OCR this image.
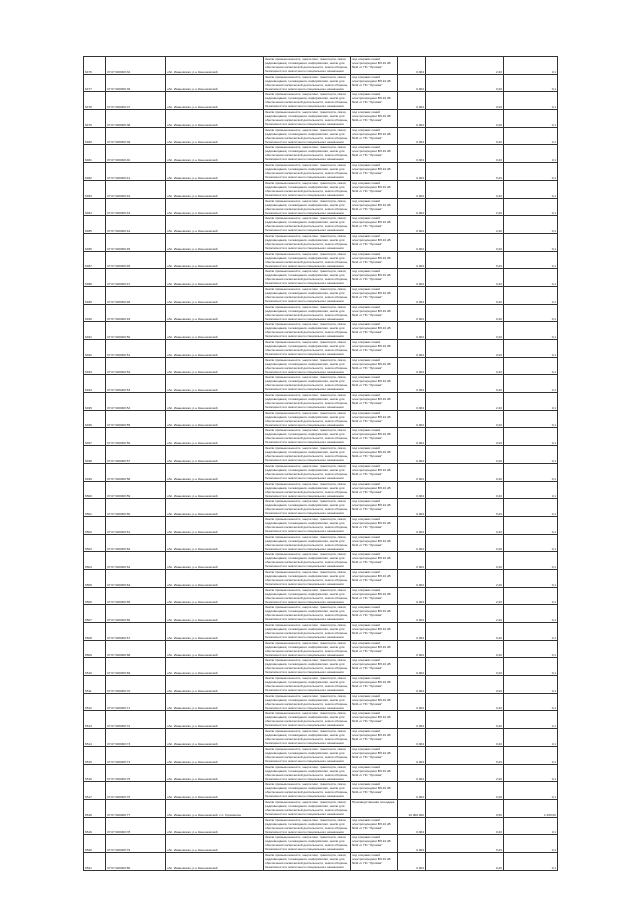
6476	37:07:000000:32	обл. Ивановская, р-н Кинешемский	Земли промышленности, энергетики, транспорта, связи, радиовещания, телевидения, информатики, земли для обеспечения космической деятельности, земли обороны, безопасности и земли иного специального назначения	под опорами линий электропередачи ВЛ-10 кВ №11 от ПС "Луговая"	0,004	2,20	0,1
6477	37:07:000000:36	обл. Ивановская, р-н Кинешемский	Земли промышленности, энергетики, транспорта, связи, радиовещания, телевидения, информатики, земли для обеспечения космической деятельности, земли обороны, безопасности и земли иного специального назначения	под опорами линий электропередачи ВЛ-10 кВ №11 от ПС "Луговая"	0,004	0,20	0,1
6478	37:07:000000:37	обл. Ивановская, р-н Кинешемский	Земли промышленности, энергетики, транспорта, связи, радиовещания, телевидения, информатики, земли для обеспечения космической деятельности, земли обороны, безопасности и земли иного специального назначения	под опорами линий электропередачи ВЛ-10 кВ №11 от ПС "Луговая"	0,004	0,20	0,1
6479	37:07:000000:38	обл. Ивановская, р-н Кинешемский	Земли промышленности, энергетики, транспорта, связи, радиовещания, телевидения, информатики, земли для обеспечения космической деятельности, земли обороны, безопасности и земли иного специального назначения	под опорами линий электропередачи ВЛ-10 кВ №11 от ПС "Луговая"	0,004	0,20	0,1
6480	37:07:000000:39	обл. Ивановская, р-н Кинешемский	Земли промышленности, энергетики, транспорта, связи, радиовещания, телевидения, информатики, земли для обеспечения космической деятельности, земли обороны, безопасности и земли иного специального назначения	под опорами линий электропередачи ВЛ-10 кВ №11 от ПС "Луговая"	0,004	0,20	0,1
6481	37:07:000000:40	обл. Ивановская, р-н Кинешемский	Земли промышленности, энергетики, транспорта, связи, радиовещания, телевидения, информатики, земли для обеспечения космической деятельности, земли обороны, безопасности и земли иного специального назначения	под опорами линий электропередачи ВЛ-10 кВ №11 от ПС "Луговая"	0,004	0,20	0,1
6482	37:07:000000:41	обл. Ивановская, р-н Кинешемский	Земли промышленности, энергетики, транспорта, связи, радиовещания, телевидения, информатики, земли для обеспечения космической деятельности, земли обороны, безопасности и земли иного специального назначения	под опорами линий электропередачи ВЛ-10 кВ №11 от ПС "Луговая"	0,004	0,20	0,1
6483	37:07:000000:42	обл. Ивановская, р-н Кинешемский	Земли промышленности, энергетики, транспорта, связи, радиовещания, телевидения, информатики, земли для обеспечения космической деятельности, земли обороны, безопасности и земли иного специального назначения	под опорами линий электропередачи ВЛ-10 кВ №11 от ПС "Луговая"	0,004	0,20	0,1
6484	37:07:000000:43	обл. Ивановская, р-н Кинешемский	Земли промышленности, энергетики, транспорта, связи, радиовещания, телевидения, информатики, земли для обеспечения космической деятельности, земли обороны, безопасности и земли иного специального назначения	под опорами линий электропередачи ВЛ-10 кВ №11 от ПС "Луговая"	0,004	2,20	0,1
6485	37:07:000000:44	обл. Ивановская, р-н Кинешемский	Земли промышленности, энергетики, транспорта, связи, радиовещания, телевидения, информатики, земли для обеспечения космической деятельности, земли обороны, безопасности и земли иного специального назначения	под опорами линий электропередачи ВЛ-10 кВ №11 от ПС "Луговая"	0,004	2,20	0,1
6486	37:07:000000:45	обл. Ивановская, р-н Кинешемский	Земли промышленности, энергетики, транспорта, связи, радиовещания, телевидения, информатики, земли для обеспечения космической деятельности, земли обороны, безопасности и земли иного специального назначения	под опорами линий электропередачи ВЛ-10 кВ №11 от ПС "Луговая"	0,004	0,20	0,1
6487	37:07:000000:46	обл. Ивановская, р-н Кинешемский	Земли промышленности, энергетики, транспорта, связи, радиовещания, телевидения, информатики, земли для обеспечения космической деятельности, земли обороны, безопасности и земли иного специального назначения	под опорами линий электропередачи ВЛ-10 кВ №11 от ПС "Луговая"	0,004	0,20	0,1
6488	37:07:000000:47	обл. Ивановская, р-н Кинешемский	Земли промышленности, энергетики, транспорта, связи, радиовещания, телевидения, информатики, земли для обеспечения космической деятельности, земли обороны, безопасности и земли иного специального назначения	под опорами линий электропередачи ВЛ-10 кВ №11 от ПС "Луговая"	0,004	0,20	0,1
6489	37:07:000000:48	обл. Ивановская, р-н Кинешемский	Земли промышленности, энергетики, транспорта, связи, радиовещания, телевидения, информатики, земли для обеспечения космической деятельности, земли обороны, безопасности и земли иного специального назначения	под опорами линий электропередачи ВЛ-10 кВ №11 от ПС "Луговая"	0,004	0,20	0,1
6490	37:07:000000:49	обл. Ивановская, р-н Кинешемский	Земли промышленности, энергетики, транспорта, связи, радиовещания, телевидения, информатики, земли для обеспечения космической деятельности, земли обороны, безопасности и земли иного специального назначения	под опорами линий электропередачи ВЛ-10 кВ №11 от ПС "Луговая"	0,004	0,20	0,1
6491	37:07:000000:50	обл. Ивановская, р-н Кинешемский	Земли промышленности, энергетики, транспорта, связи, радиовещания, телевидения, информатики, земли для обеспечения космической деятельности, земли обороны, безопасности и земли иного специального назначения	под опорами линий электропередачи ВЛ-10 кВ №11 от ПС "Луговая"	0,004	0,20	0,1
6492	37:07:000000:51	обл. Ивановская, р-н Кинешемский	Земли промышленности, энергетики, транспорта, связи, радиовещания, телевидения, информатики, земли для обеспечения космической деятельности, земли обороны, безопасности и земли иного специального назначения	под опорами линий электропередачи ВЛ-10 кВ №11 от ПС "Луговая"	0,004	0,20	0,1
6493	37:07:000000:52	обл. Ивановская, р-н Кинешемский	Земли промышленности, энергетики, транспорта, связи, радиовещания, телевидения, информатики, земли для обеспечения космической деятельности, земли обороны, безопасности и земли иного специального назначения	под опорами линий электропередачи ВЛ-10 кВ №11 от ПС "Луговая"	0,004	0,20	0,1
6494	37:07:000000:53	обл. Ивановская, р-н Кинешемский	Земли промышленности, энергетики, транспорта, связи, радиовещания, телевидения, информатики, земли для обеспечения космической деятельности, земли обороны, безопасности и земли иного специального назначения	под опорами линий электропередачи ВЛ-10 кВ №11 от ПС "Луговая"	0,004	0,20	0,1
6495	37:07:000000:54	обл. Ивановская, р-н Кинешемский	Земли промышленности, энергетики, транспорта, связи, радиовещания, телевидения, информатики, земли для обеспечения космической деятельности, земли обороны, безопасности и земли иного специального назначения	под опорами линий электропередачи ВЛ-10 кВ №11 от ПС "Луговая"	0,004	2,20	0,1
6496	37:07:000000:55	обл. Ивановская, р-н Кинешемский	Земли промышленности, энергетики, транспорта, связи, радиовещания, телевидения, информатики, земли для обеспечения космической деятельности, земли обороны, безопасности и земли иного специального назначения	под опорами линий электропередачи ВЛ-10 кВ №11 от ПС "Луговая"	0,004	0,20	0,1
6497	37:07:000000:56	обл. Ивановская, р-н Кинешемский	Земли промышленности, энергетики, транспорта, связи, радиовещания, телевидения, информатики, земли для обеспечения космической деятельности, земли обороны, безопасности и земли иного специального назначения	под опорами линий электропередачи ВЛ-10 кВ №11 от ПС "Луговая"	0,004	0,20	0,1
6498	37:07:000000:57	обл. Ивановская, р-н Кинешемский	Земли промышленности, энергетики, транспорта, связи, радиовещания, телевидения, информатики, земли для обеспечения космической деятельности, земли обороны, безопасности и земли иного специального назначения	под опорами линий электропередачи ВЛ-10 кВ №11 от ПС "Луговая"	0,004	0,20	0,1
6499	37:07:000000:58	обл. Ивановская, р-н Кинешемский	Земли промышленности, энергетики, транспорта, связи, радиовещания, телевидения, информатики, земли для обеспечения космической деятельности, земли обороны, безопасности и земли иного специального назначения	под опорами линий электропередачи ВЛ-10 кВ №11 от ПС "Луговая"	0,004	0,20	0,1
6500	37:07:000000:59	обл. Ивановская, р-н Кинешемский	Земли промышленности, энергетики, транспорта, связи, радиовещания, телевидения, информатики, земли для обеспечения космической деятельности, земли обороны, безопасности и земли иного специального назначения	под опорами линий электропередачи ВЛ-10 кВ №11 от ПС "Луговая"	0,004	0,20	0,1
6501	37:07:000000:60	обл. Ивановская, р-н Кинешемский	Земли промышленности, энергетики, транспорта, связи, радиовещания, телевидения, информатики, земли для обеспечения космической деятельности, земли обороны, безопасности и земли иного специального назначения	под опорами линий электропередачи ВЛ-10 кВ №11 от ПС "Луговая"	0,004	0,20	0,1
6502	37:07:000000:61	обл. Ивановская, р-н Кинешемский	Земли промышленности, энергетики, транспорта, связи, радиовещания, телевидения, информатики, земли для обеспечения космической деятельности, земли обороны, безопасности и земли иного специального назначения	под опорами линий электропередачи ВЛ-10 кВ №11 от ПС "Луговая"	0,004	0,20	0,1
6503	37:07:000000:62	обл. Ивановская, р-н Кинешемский	Земли промышленности, энергетики, транспорта, связи, радиовещания, телевидения, информатики, земли для обеспечения космической деятельности, земли обороны, безопасности и земли иного специального назначения	под опорами линий электропередачи ВЛ-10 кВ №11 от ПС "Луговая"	0,004	0,20	0,1
6504	37:07:000000:63	обл. Ивановская, р-н Кинешемский	Земли промышленности, энергетики, транспорта, связи, радиовещания, телевидения, информатики, земли для обеспечения космической деятельности, земли обороны, безопасности и земли иного специального назначения	под опорами линий электропередачи ВЛ-10 кВ №11 от ПС "Луговая"	0,004	0,20	0,1
6505	37:07:000000:64	обл. Ивановская, р-н Кинешемский	Земли промышленности, энергетики, транспорта, связи, радиовещания, телевидения, информатики, земли для обеспечения космической деятельности, земли обороны, безопасности и земли иного специального назначения	под опорами линий электропередачи ВЛ-10 кВ №11 от ПС "Луговая"	0,004	2,20	0,1
6506	37:07:000000:65	обл. Ивановская, р-н Кинешемский	Земли промышленности, энергетики, транспорта, связи, радиовещания, телевидения, информатики, земли для обеспечения космической деятельности, земли обороны, безопасности и земли иного специального назначения	под опорами линий электропередачи ВЛ-10 кВ №11 от ПС "Луговая"	0,004	2,20	0,1
6507	37:07:000000:66	обл. Ивановская, р-н Кинешемский	Земли промышленности, энергетики, транспорта, связи, радиовещания, телевидения, информатики, земли для обеспечения космической деятельности, земли обороны, безопасности и земли иного специального назначения	под опорами линий электропередачи ВЛ-10 кВ №11 от ПС "Луговая"	0,004	2,20	0,1
6508	37:07:000000:67	обл. Ивановская, р-н Кинешемский	Земли промышленности, энергетики, транспорта, связи, радиовещания, телевидения, информатики, земли для обеспечения космической деятельности, земли обороны, безопасности и земли иного специального назначения	под опорами линий электропередачи ВЛ-10 кВ №11 от ПС "Луговая"	0,004	0,20	0,1
6509	37:07:000000:68	обл. Ивановская, р-н Кинешемский	Земли промышленности, энергетики, транспорта, связи, радиовещания, телевидения, информатики, земли для обеспечения космической деятельности, земли обороны, безопасности и земли иного специального назначения	под опорами линий электропередачи ВЛ-10 кВ №11 от ПС "Луговая"	0,004	0,20	0,1
6510	37:07:000000:69	обл. Ивановская, р-н Кинешемский	Земли промышленности, энергетики, транспорта, связи, радиовещания, телевидения, информатики, земли для обеспечения космической деятельности, земли обороны, безопасности и земли иного специального назначения	под опорами линий электропередачи ВЛ-10 кВ №11 от ПС "Луговая"	0,004	0,20	0,1
6511	37:07:000000:70	обл. Ивановская, р-н Кинешемский	Земли промышленности, энергетики, транспорта, связи, радиовещания, телевидения, информатики, земли для обеспечения космической деятельности, земли обороны, безопасности и земли иного специального назначения	под опорами линий электропередачи ВЛ-10 кВ №11 от ПС "Луговая"	0,004	0,20	0,1
6512	37:07:000000:71	обл. Ивановская, р-н Кинешемский	Земли промышленности, энергетики, транспорта, связи, радиовещания, телевидения, информатики, земли для обеспечения космической деятельности, земли обороны, безопасности и земли иного специального назначения	под опорами линий электропередачи ВЛ-10 кВ №11 от ПС "Луговая"	0,004	0,20	0,1
6513	37:07:000000:72	обл. Ивановская, р-н Кинешемский	Земли промышленности, энергетики, транспорта, связи, радиовещания, телевидения, информатики, земли для обеспечения космической деятельности, земли обороны, безопасности и земли иного специального назначения	под опорами линий электропередачи ВЛ-10 кВ №11 от ПС "Луговая"	0,004	0,20	0,1
6514	37:07:000000:73	обл. Ивановская, р-н Кинешемский	Земли промышленности, энергетики, транспорта, связи, радиовещания, телевидения, информатики, земли для обеспечения космической деятельности, земли обороны, безопасности и земли иного специального назначения	под опорами линий электропередачи ВЛ-10 кВ №11 от ПС "Луговая"	0,004	0,20	0,1
6515	37:07:000000:74	обл. Ивановская, р-н Кинешемский	Земли промышленности, энергетики, транспорта, связи, радиовещания, телевидения, информатики, земли для обеспечения космической деятельности, земли обороны, безопасности и земли иного специального назначения	под опорами линий электропередачи ВЛ-10 кВ №11 от ПС "Луговая"	0,004	0,20	0,1
6516	37:07:000000:75	обл. Ивановская, р-н Кинешемский	Земли промышленности, энергетики, транспорта, связи, радиовещания, телевидения, информатики, земли для обеспечения космической деятельности, земли обороны, безопасности и земли иного специального назначения	под опорами линий электропередачи ВЛ-10 кВ №11 от ПС "Луговая"	0,004	2,20	0,1
6517	37:07:000000:76	обл. Ивановская, р-н Кинешемский	Земли промышленности, энергетики, транспорта, связи, радиовещания, телевидения, информатики, земли для обеспечения космической деятельности, земли обороны, безопасности и земли иного специального назначения	под опорами линий электропередачи ВЛ-10 кВ №11 от ПС "Луговая"	0,004	0,20	0,1
6518	37:07:000000:77	обл. Ивановская, р-н Кинешемский, с.п. Горковское	Земли промышленности, энергетики, транспорта, связи, радиовещания, телевидения, информатики, земли для обеспечения космической деятельности, земли обороны, безопасности и земли иного специального назначения	Производственная площадка	10 000,000	0,50	1 250,00
6519	37:07:000000:78	обл. Ивановская, р-н Кинешемский	Земли промышленности, энергетики, транспорта, связи, радиовещания, телевидения, информатики, земли для обеспечения космической деятельности, земли обороны, безопасности и земли иного специального назначения	под опорами линий электропередачи ВЛ-10 кВ №11 от ПС "Луговая"	0,004	0,20	0,1
6520	37:07:000000:79	обл. Ивановская, р-н Кинешемский	Земли промышленности, энергетики, транспорта, связи, радиовещания, телевидения, информатики, земли для обеспечения космической деятельности, земли обороны, безопасности и земли иного специального назначения	под опорами линий электропередачи ВЛ-10 кВ №11 от ПС "Луговая"	0,004	0,20	0,1
6521	37:07:000000:80	обл. Ивановская, р-н Кинешемский	Земли промышленности, энергетики, транспорта, связи, радиовещания, телевидения, информатики, земли для обеспечения космической деятельности, земли обороны, безопасности и земли иного специального назначения	под опорами линий электропередачи ВЛ-10 кВ №11 от ПС "Луговая"	0,004	0,20	0,1
